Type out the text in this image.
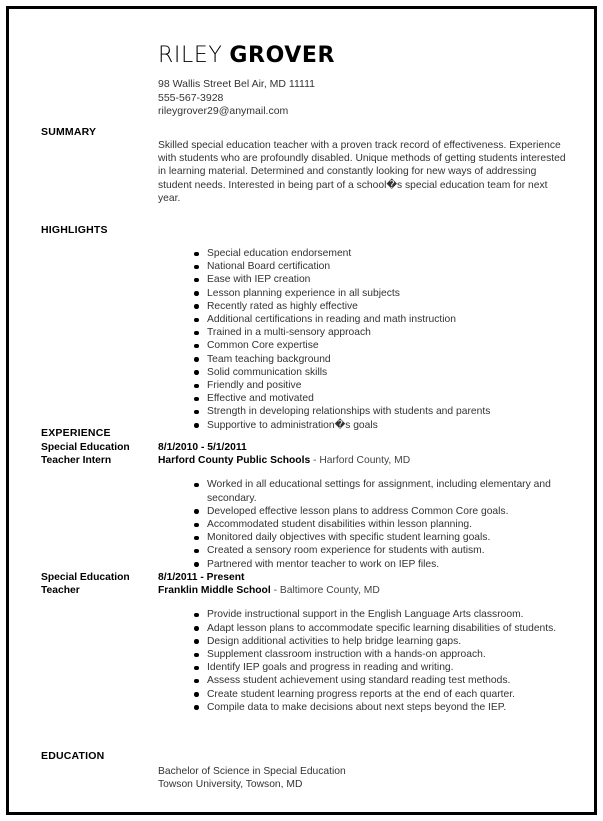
RILEY GROVER
98 Wallis Street Bel Air, MD 11111
555-567-3928
rileygrover29@anymail.com
SUMMARY
Skilled special education teacher with a proven track record of effectiveness. Experience with students who are profoundly disabled. Unique methods of getting students interested in learning material. Determined and constantly looking for new ways of addressing student needs. Interested in being part of a school�s special education team for next year.
HIGHLIGHTS
Special education endorsement
National Board certification
Ease with IEP creation
Lesson planning experience in all subjects
Recently rated as highly effective
Additional certifications in reading and math instruction
Trained in a multi-sensory approach
Common Core expertise
Team teaching background
Solid communication skills
Friendly and positive
Effective and motivated
Strength in developing relationships with students and parents
Supportive to administration�s goals
EXPERIENCE
Special Education Teacher Intern
8/1/2010 - 5/1/2011
Harford County Public Schools - Harford County, MD
Worked in all educational settings for assignment, including elementary and secondary.
Developed effective lesson plans to address Common Core goals.
Accommodated student disabilities within lesson planning.
Monitored daily objectives with specific student learning goals.
Created a sensory room experience for students with autism.
Partnered with mentor teacher to work on IEP files.
Special Education Teacher
8/1/2011 - Present
Franklin Middle School - Baltimore County, MD
Provide instructional support in the English Language Arts classroom.
Adapt lesson plans to accommodate specific learning disabilities of students.
Design additional activities to help bridge learning gaps.
Supplement classroom instruction with a hands-on approach.
Identify IEP goals and progress in reading and writing.
Assess student achievement using standard reading test methods.
Create student learning progress reports at the end of each quarter.
Compile data to make decisions about next steps beyond the IEP.
EDUCATION
Bachelor of Science in Special Education
Towson University, Towson, MD
